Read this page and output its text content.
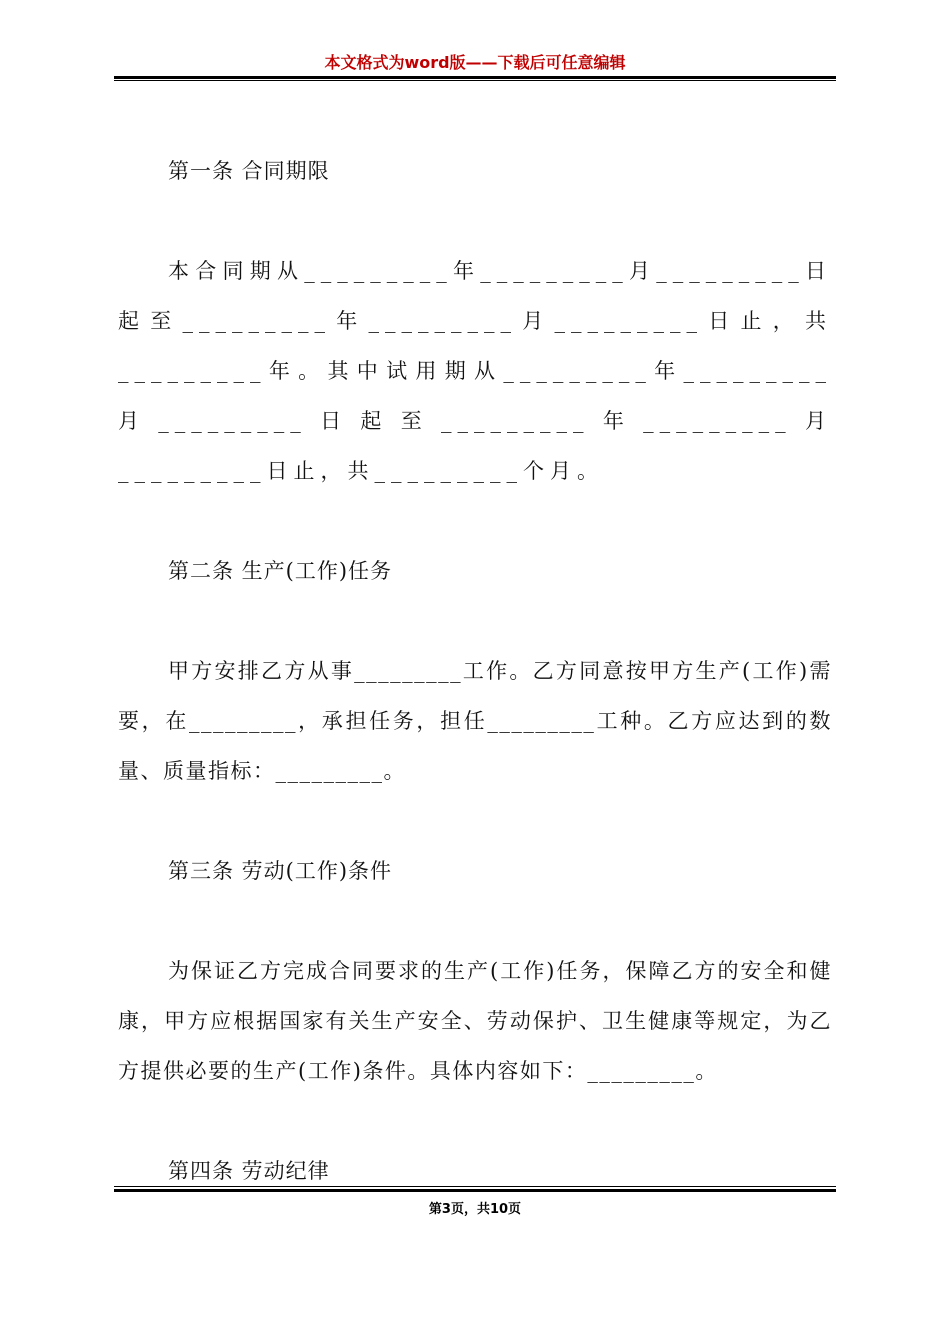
本文格式为word版——下载后可任意编辑
第一条 合同期限
本合同期从_________年_________月_________日起至_________年_________月_________日止，共_________年。其中试用期从_________年_________月_________日起至_________年_________月_________日止，共_________个月。
第二条 生产(工作)任务
甲方安排乙方从事_________工作。乙方同意按甲方生产(工作)需要，在_________，承担任务，担任_________工种。乙方应达到的数量、质量指标：_________。
第三条 劳动(工作)条件
为保证乙方完成合同要求的生产(工作)任务，保障乙方的安全和健康，甲方应根据国家有关生产安全、劳动保护、卫生健康等规定，为乙方提供必要的生产(工作)条件。具体内容如下：_________。
第四条 劳动纪律
第3页，共10页
